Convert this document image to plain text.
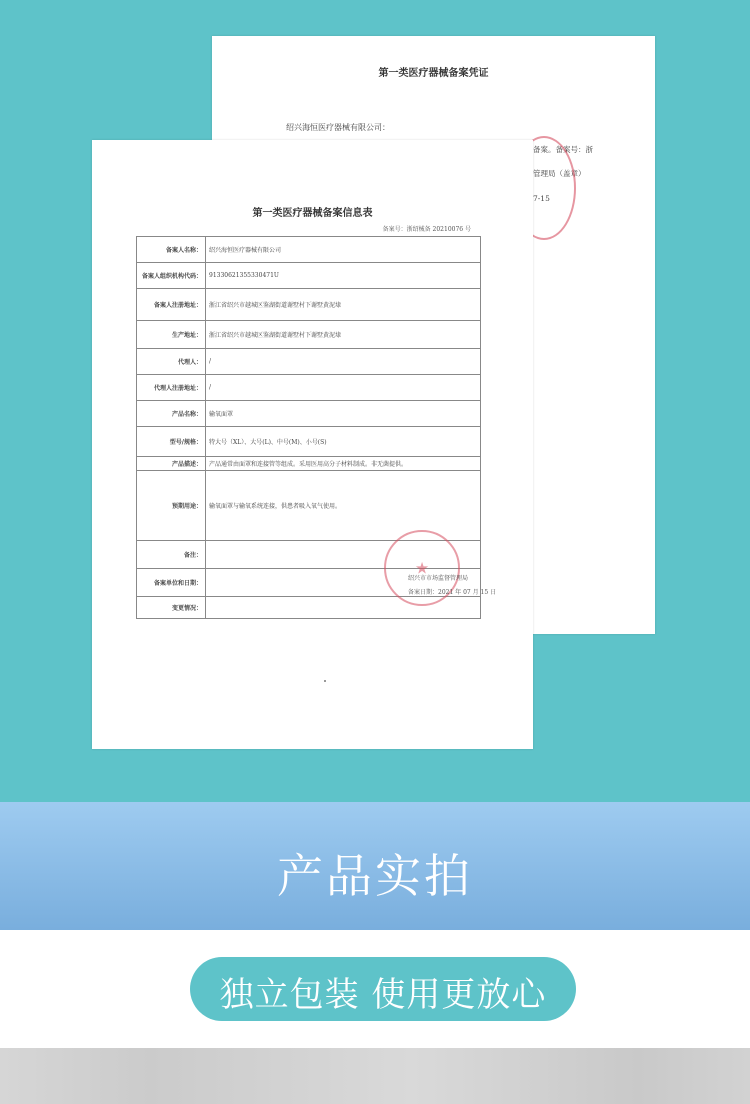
第一类医疗器械备案凭证
绍兴海恒医疗器械有限公司：
备案。备案号：浙
管理局（盖章）
7-15
第一类医疗器械备案信息表
备案号：浙绍械备 20210076 号
备案人名称：	绍兴海恒医疗器械有限公司
备案人组织机构代码：	91330621355330471U
备案人注册地址：	浙江省绍兴市越城区鉴湖街道谢墅村下谢墅黄泥埭
生产地址：	浙江省绍兴市越城区鉴湖街道谢墅村下谢墅黄泥埭
代理人：	/
代理人注册地址：	/
产品名称：	输氧面罩
型号/规格：	特大号（XL）、大号(L)、中号(M)、小号(S)
产品描述：	产品通常由面罩和连接管等组成。采用医用高分子材料制成。非无菌提供。
预期用途：	输氧面罩与输氧系统连接，供患者吸入氧气使用。
备注：	
备案单位和日期：	
变更情况：	
★
绍兴市市场监督管理局
备案日期：2021 年 07 月 15 日
产品实拍
独立包装 使用更放心
